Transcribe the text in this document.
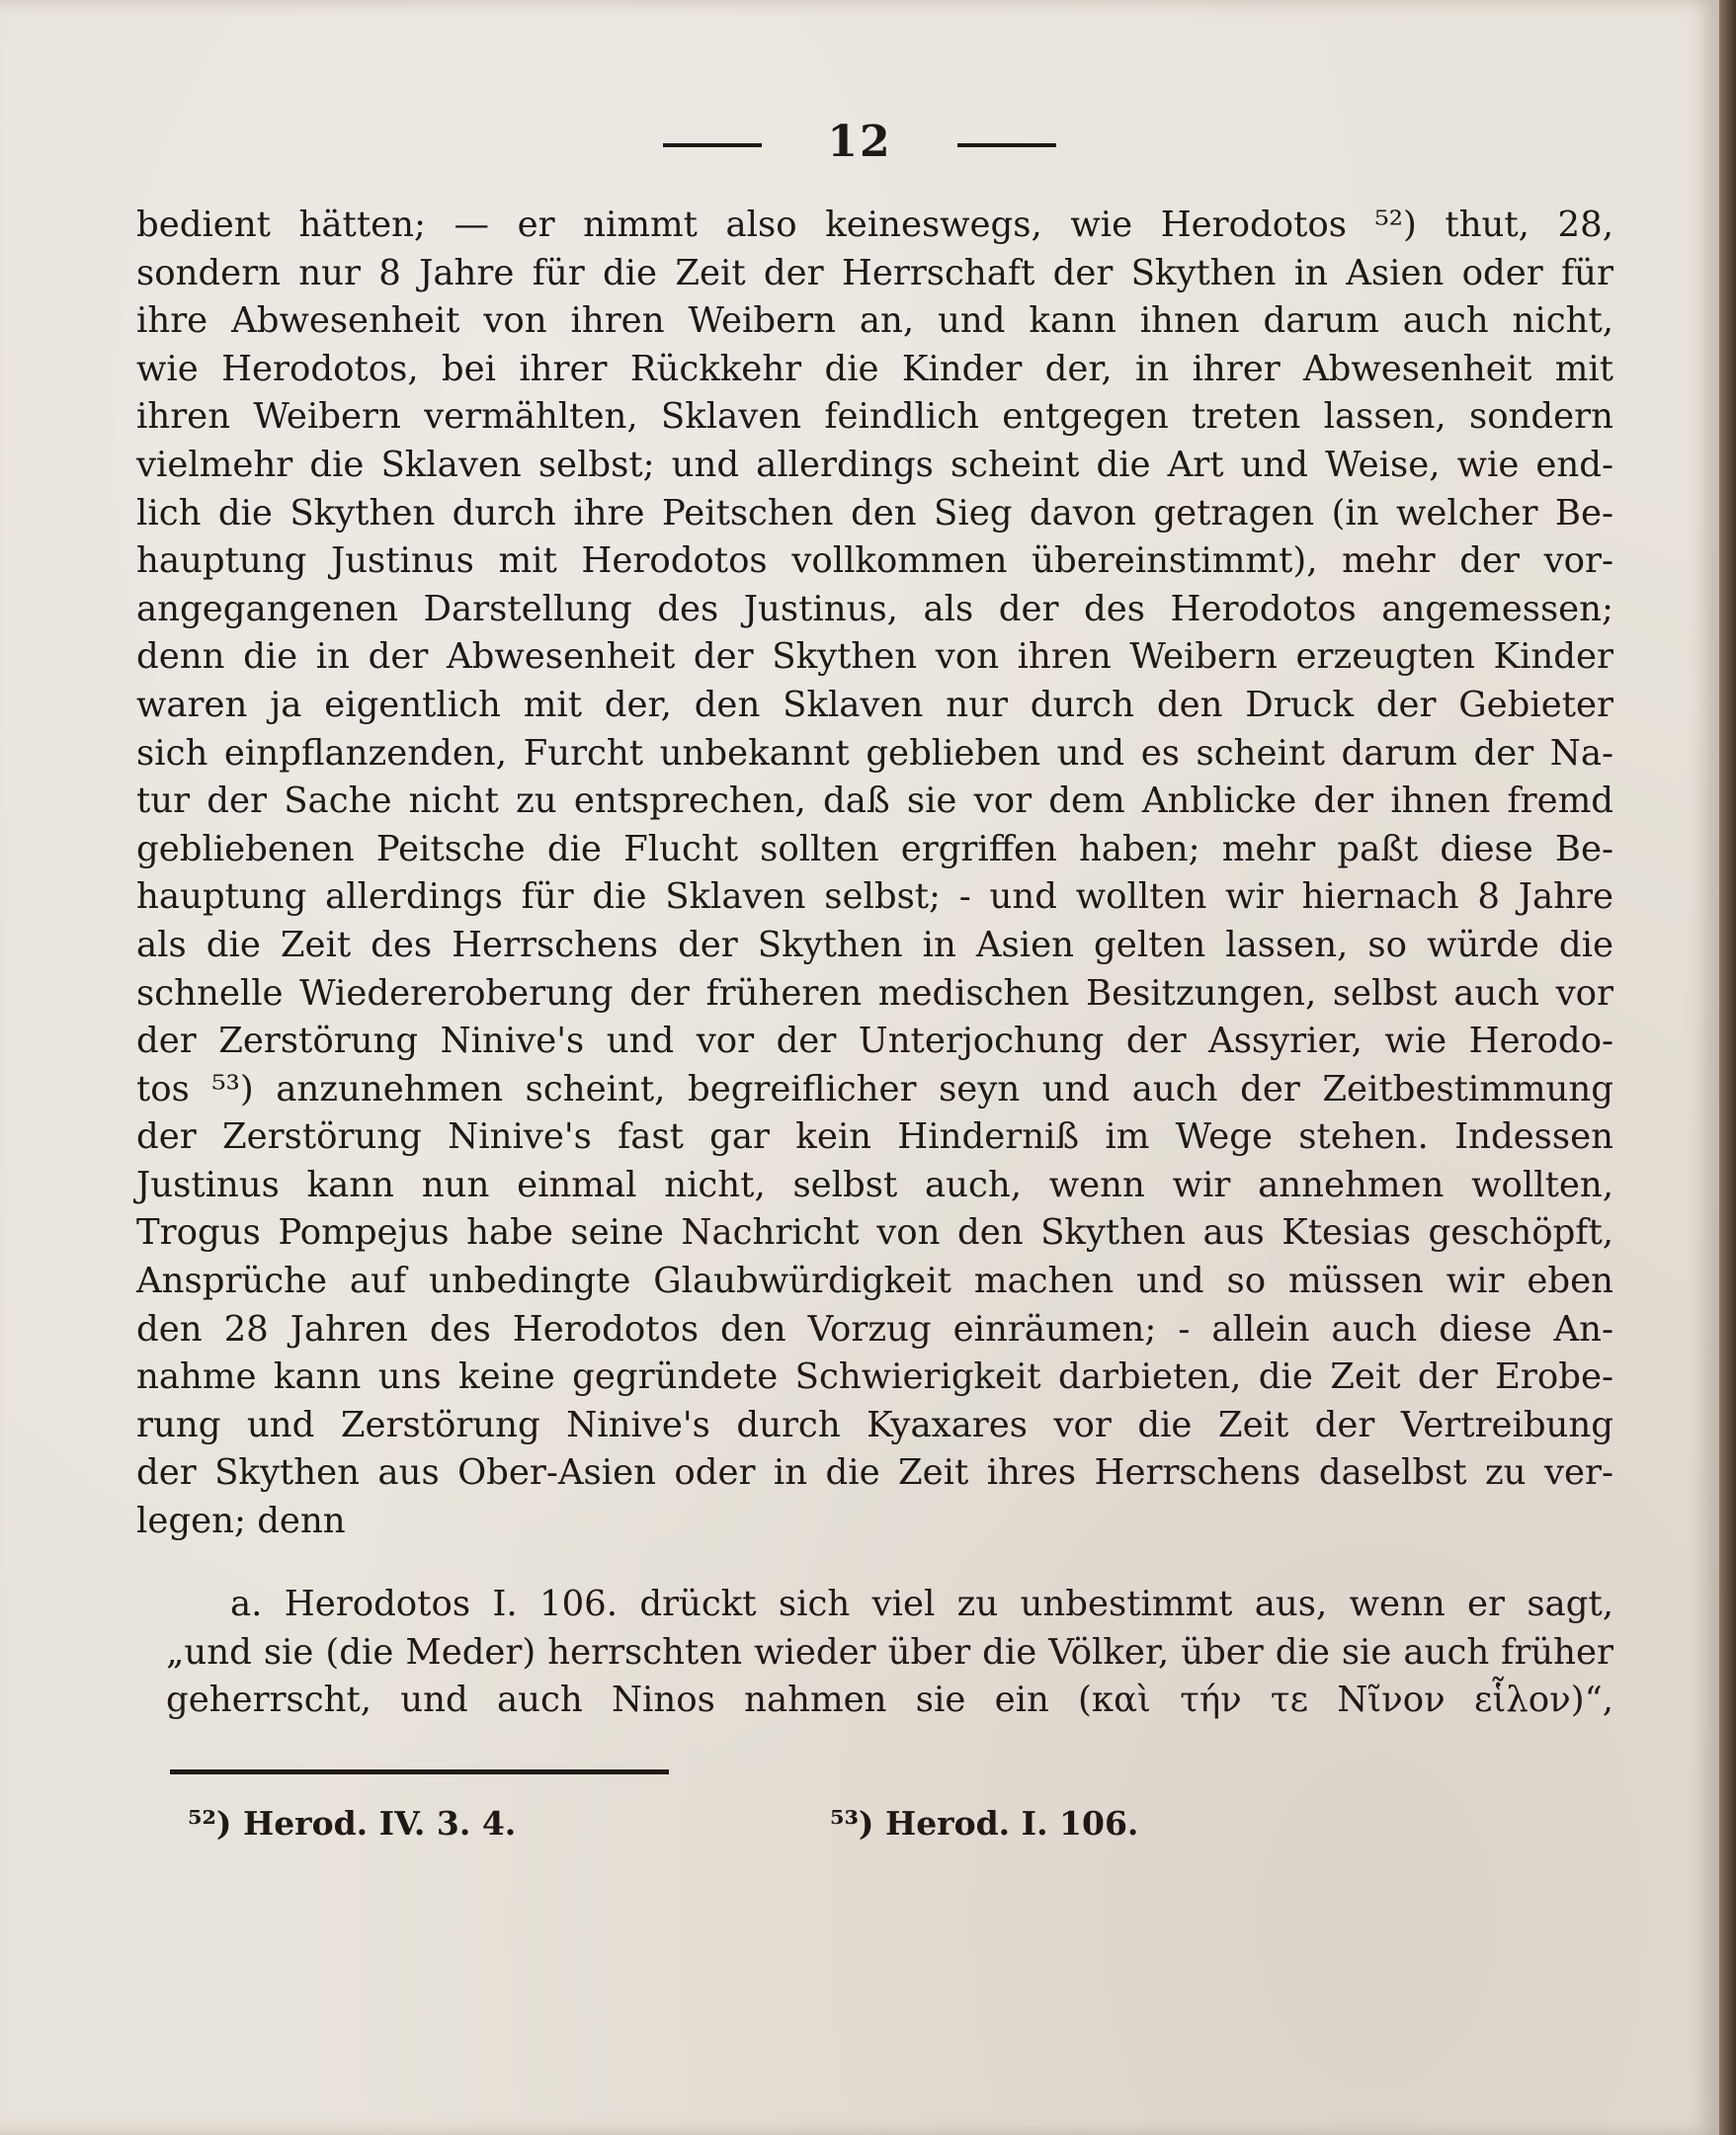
12
bedient hätten; — er nimmt also keineswegs, wie Herodotos ⁵²) thut, 28,
sondern nur 8 Jahre für die Zeit der Herrschaft der Skythen in Asien oder für
ihre Abwesenheit von ihren Weibern an, und kann ihnen darum auch nicht,
wie Herodotos, bei ihrer Rückkehr die Kinder der, in ihrer Abwesenheit mit
ihren Weibern vermählten, Sklaven feindlich entgegen treten lassen, sondern
vielmehr die Sklaven selbst; und allerdings scheint die Art und Weise, wie end-
lich die Skythen durch ihre Peitschen den Sieg davon getragen (in welcher Be-
hauptung Justinus mit Herodotos vollkommen übereinstimmt), mehr der vor-
angegangenen Darstellung des Justinus, als der des Herodotos angemessen;
denn die in der Abwesenheit der Skythen von ihren Weibern erzeugten Kinder
waren ja eigentlich mit der, den Sklaven nur durch den Druck der Gebieter
sich einpflanzenden, Furcht unbekannt geblieben und es scheint darum der Na-
tur der Sache nicht zu entsprechen, daß sie vor dem Anblicke der ihnen fremd
gebliebenen Peitsche die Flucht sollten ergriffen haben; mehr paßt diese Be-
hauptung allerdings für die Sklaven selbst; - und wollten wir hiernach 8 Jahre
als die Zeit des Herrschens der Skythen in Asien gelten lassen, so würde die
schnelle Wiedereroberung der früheren medischen Besitzungen, selbst auch vor
der Zerstörung Ninive's und vor der Unterjochung der Assyrier, wie Herodo-
tos ⁵³) anzunehmen scheint, begreiflicher seyn und auch der Zeitbestimmung
der Zerstörung Ninive's fast gar kein Hinderniß im Wege stehen. Indessen
Justinus kann nun einmal nicht, selbst auch, wenn wir annehmen wollten,
Trogus Pompejus habe seine Nachricht von den Skythen aus Ktesias geschöpft,
Ansprüche auf unbedingte Glaubwürdigkeit machen und so müssen wir eben
den 28 Jahren des Herodotos den Vorzug einräumen; - allein auch diese An-
nahme kann uns keine gegründete Schwierigkeit darbieten, die Zeit der Erobe-
rung und Zerstörung Ninive's durch Kyaxares vor die Zeit der Vertreibung
der Skythen aus Ober-Asien oder in die Zeit ihres Herrschens daselbst zu ver-
legen; denn
a. Herodotos I. 106. drückt sich viel zu unbestimmt aus, wenn er sagt,
„und sie (die Meder) herrschten wieder über die Völker, über die sie auch früher
geherrscht, und auch Ninos nahmen sie ein (καὶ τήν τε Νῖνον εἷλον)“,
⁵²) Herod. IV. 3. 4.	⁵³) Herod. I. 106.
